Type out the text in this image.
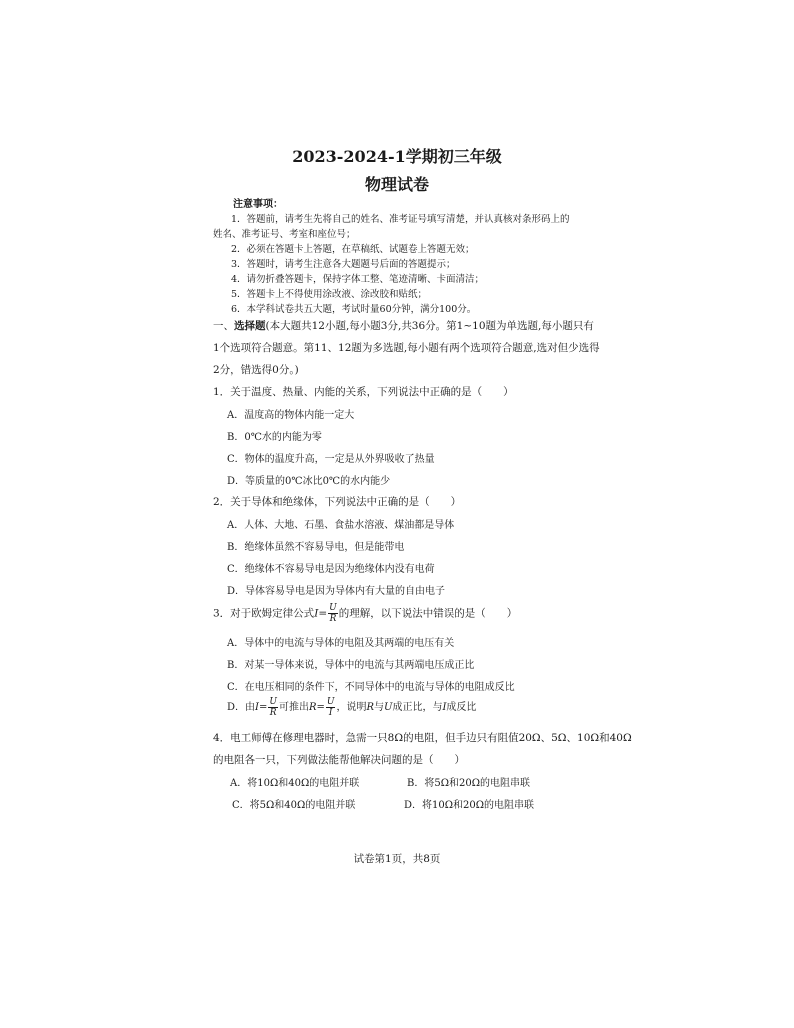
2023-2024-1学期初三年级
物理试卷
注意事项：
1．答题前，请考生先将自己的姓名、准考证号填写清楚，并认真核对条形码上的
姓名、准考证号、考室和座位号；
2．必须在答题卡上答题，在草稿纸、试题卷上答题无效；
3．答题时，请考生注意各大题题号后面的答题提示；
4．请勿折叠答题卡，保持字体工整、笔迹清晰、卡面清洁；
5．答题卡上不得使用涂改液、涂改胶和贴纸；
6．本学科试卷共五大题，考试时量60分钟，满分100分。
一、选择题(本大题共12小题,每小题3分,共36分。第1~10题为单选题,每小题只有
1个选项符合题意。第11、12题为多选题,每小题有两个选项符合题意,选对但少选得
2分，错选得0分。)
1．关于温度、热量、内能的关系，下列说法中正确的是（　　）
A．温度高的物体内能一定大
B．0℃水的内能为零
C．物体的温度升高，一定是从外界吸收了热量
D．等质量的0℃冰比0℃的水内能少
2．关于导体和绝缘体，下列说法中正确的是（　　）
A．人体、大地、石墨、食盐水溶液、煤油都是导体
B．绝缘体虽然不容易导电，但是能带电
C．绝缘体不容易导电是因为绝缘体内没有电荷
D．导体容易导电是因为导体内有大量的自由电子
3．对于欧姆定律公式$I= \frac{U}{R}$ 的理解，以下说法中错误的是（　　）
A．导体中的电流与导体的电阻及其两端的电压有关
B．对某一导体来说，导体中的电流与其两端电压成正比
C．在电压相同的条件下，不同导体中的电流与导体的电阻成反比
D．由$I= \frac{U}{R}$ 可推出$R= \frac{U}{I}$ ，说明R与U成正比，与I成反比
4．电工师傅在修理电器时，急需一只8Ω的电阻，但手边只有阻值20Ω、5Ω、10Ω和40Ω
的电阻各一只，下列做法能帮他解决问题的是（　　）
A．将10Ω和40Ω的电阻并联	B．将5Ω和20Ω的电阻串联
C．将5Ω和40Ω的电阻并联	D．将10Ω和20Ω的电阻串联
试卷第1页，共8页
